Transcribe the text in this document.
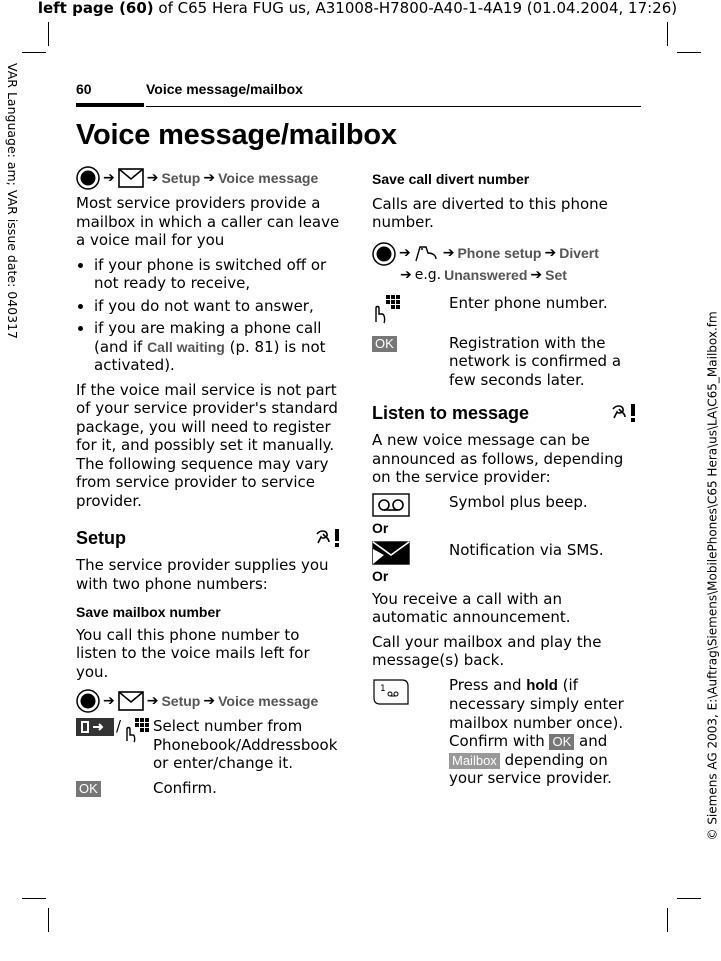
left page (60) of C65 Hera FUG us, A31008-H7800-A40-1-4A19 (01.04.2004, 17:26)
VAR Language: am; VAR issue date: 040317
© Siemens AG 2003, E:\Auftrag\Siemens\MobilePhones\C65 Hera\us\LA\C65_Mailbox.fm
60	Voice message/mailbox
Voice message/mailbox
➔ ➔ Setup ➔ Voice message

Most service providers provide a mailbox in which a caller can leave a voice mail for you

• if your phone is switched off or not ready to receive,
• if you do not want to answer,
• if you are making a phone call (and if Call waiting (p. 81) is not activated).

If the voice mail service is not part of your service provider's standard package, you will need to register for it, and possibly set it manually. The following sequence may vary from service provider to service provider.

Setup

The service provider supplies you with two phone numbers:

Save mailbox number

You call this phone number to listen to the voice mails left for you.

➔ ➔ Setup ➔ Voice message
/ Select number from Phonebook/Addressbook or enter/change it.
OK	Confirm.
Save call divert number

Calls are diverted to this phone number.

➔ ➔ Phone setup ➔ Divert
➔ e.g. Unanswered ➔ Set
Enter phone number.
OK	Registration with the network is confirmed a few seconds later.
Listen to message

A new voice message can be announced as follows, depending on the service provider:

Symbol plus beep.
Or
Notification via SMS.
Or

You receive a call with an automatic announcement.

Call your mailbox and play the message(s) back.

1	Press and hold (if necessary simply enter mailbox number once). Confirm with OK and Mailbox depending on your service provider.
